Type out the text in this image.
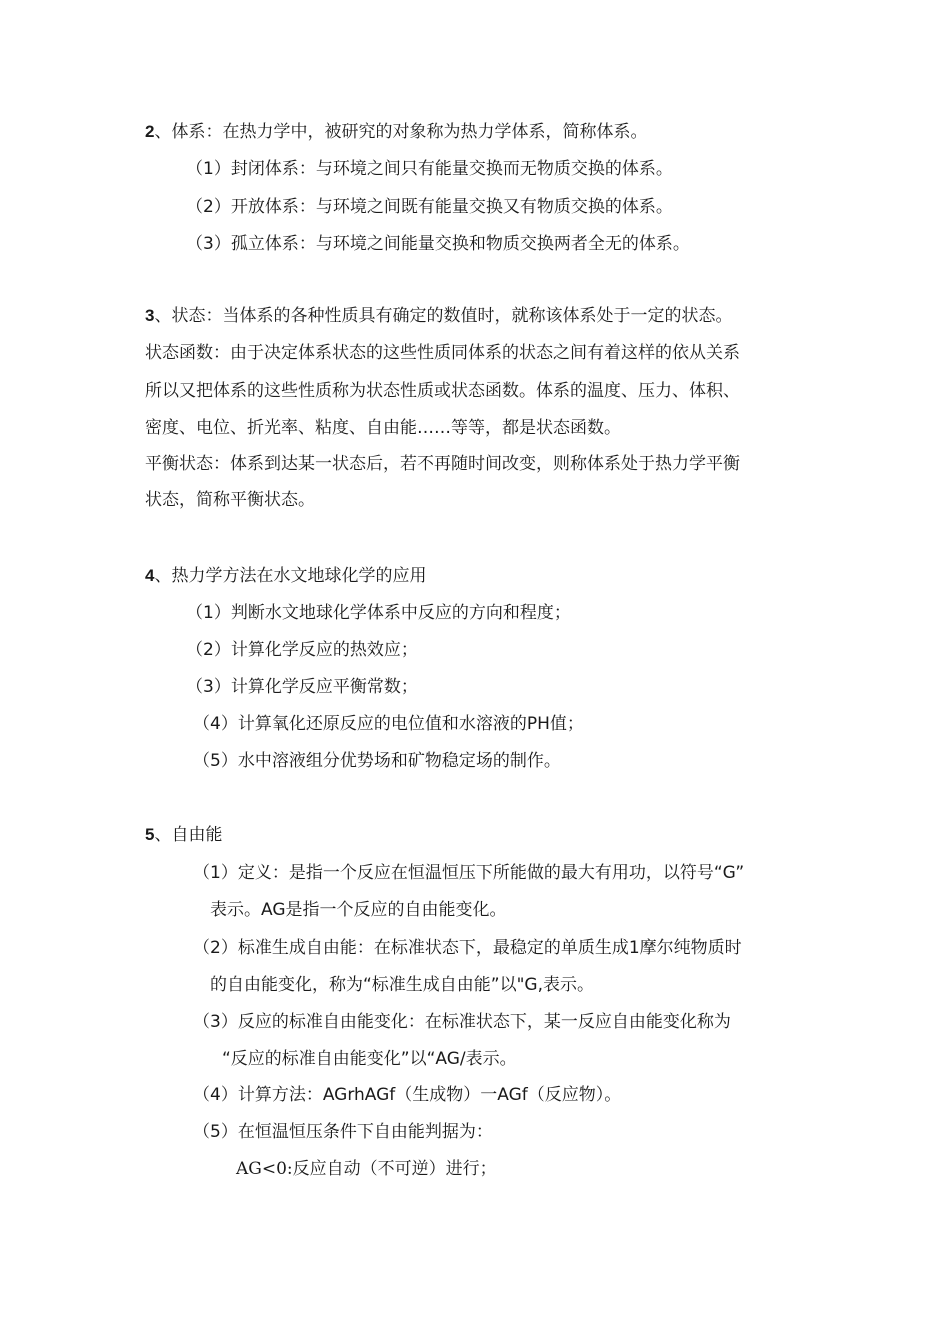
2、体系：在热力学中，被研究的对象称为热力学体系，简称体系。
（1）封闭体系：与环境之间只有能量交换而无物质交换的体系。
（2）开放体系：与环境之间既有能量交换又有物质交换的体系。
（3）孤立体系：与环境之间能量交换和物质交换两者全无的体系。
3、状态：当体系的各种性质具有确定的数值时，就称该体系处于一定的状态。
状态函数：由于决定体系状态的这些性质同体系的状态之间有着这样的依从关系
所以又把体系的这些性质称为状态性质或状态函数。体系的温度、压力、体积、
密度、电位、折光率、粘度、自由能……等等，都是状态函数。
平衡状态：体系到达某一状态后，若不再随时间改变，则称体系处于热力学平衡
状态，简称平衡状态。
4、热力学方法在水文地球化学的应用
（1）判断水文地球化学体系中反应的方向和程度；
（2）计算化学反应的热效应；
（3）计算化学反应平衡常数；
（4）计算氧化还原反应的电位值和水溶液的PH值；
（5）水中溶液组分优势场和矿物稳定场的制作。
5、自由能
（1）定义：是指一个反应在恒温恒压下所能做的最大有用功，以符号“G”
表示。AG是指一个反应的自由能变化。
（2）标准生成自由能：在标准状态下，最稳定的单质生成1摩尔纯物质时
的自由能变化，称为“标准生成自由能”以"G,表示。
（3）反应的标准自由能变化：在标准状态下，某一反应自由能变化称为
“反应的标准自由能变化”以“AG/表示。
（4）计算方法：AGrhAGf（生成物）一AGf（反应物）。
（5）在恒温恒压条件下自由能判据为：
AG<0:反应自动（不可逆）进行；
